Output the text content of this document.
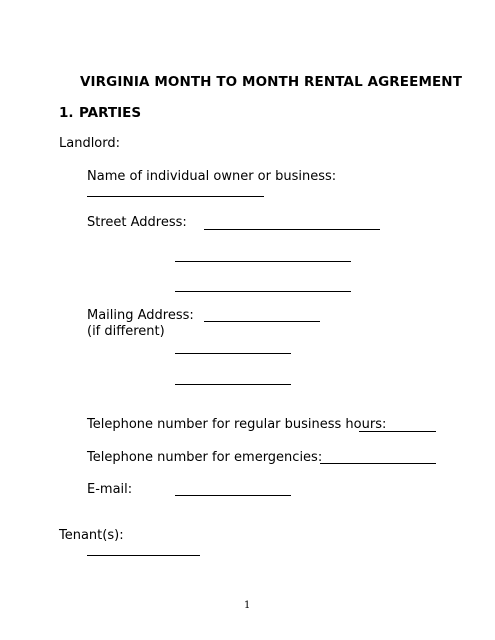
VIRGINIA MONTH TO MONTH RENTAL AGREEMENT
1. PARTIES
Landlord:
Name of individual owner or business:
Street Address:
Mailing Address:
(if different)
Telephone number for regular business hours:
Telephone number for emergencies:
E-mail:
Tenant(s):
1
